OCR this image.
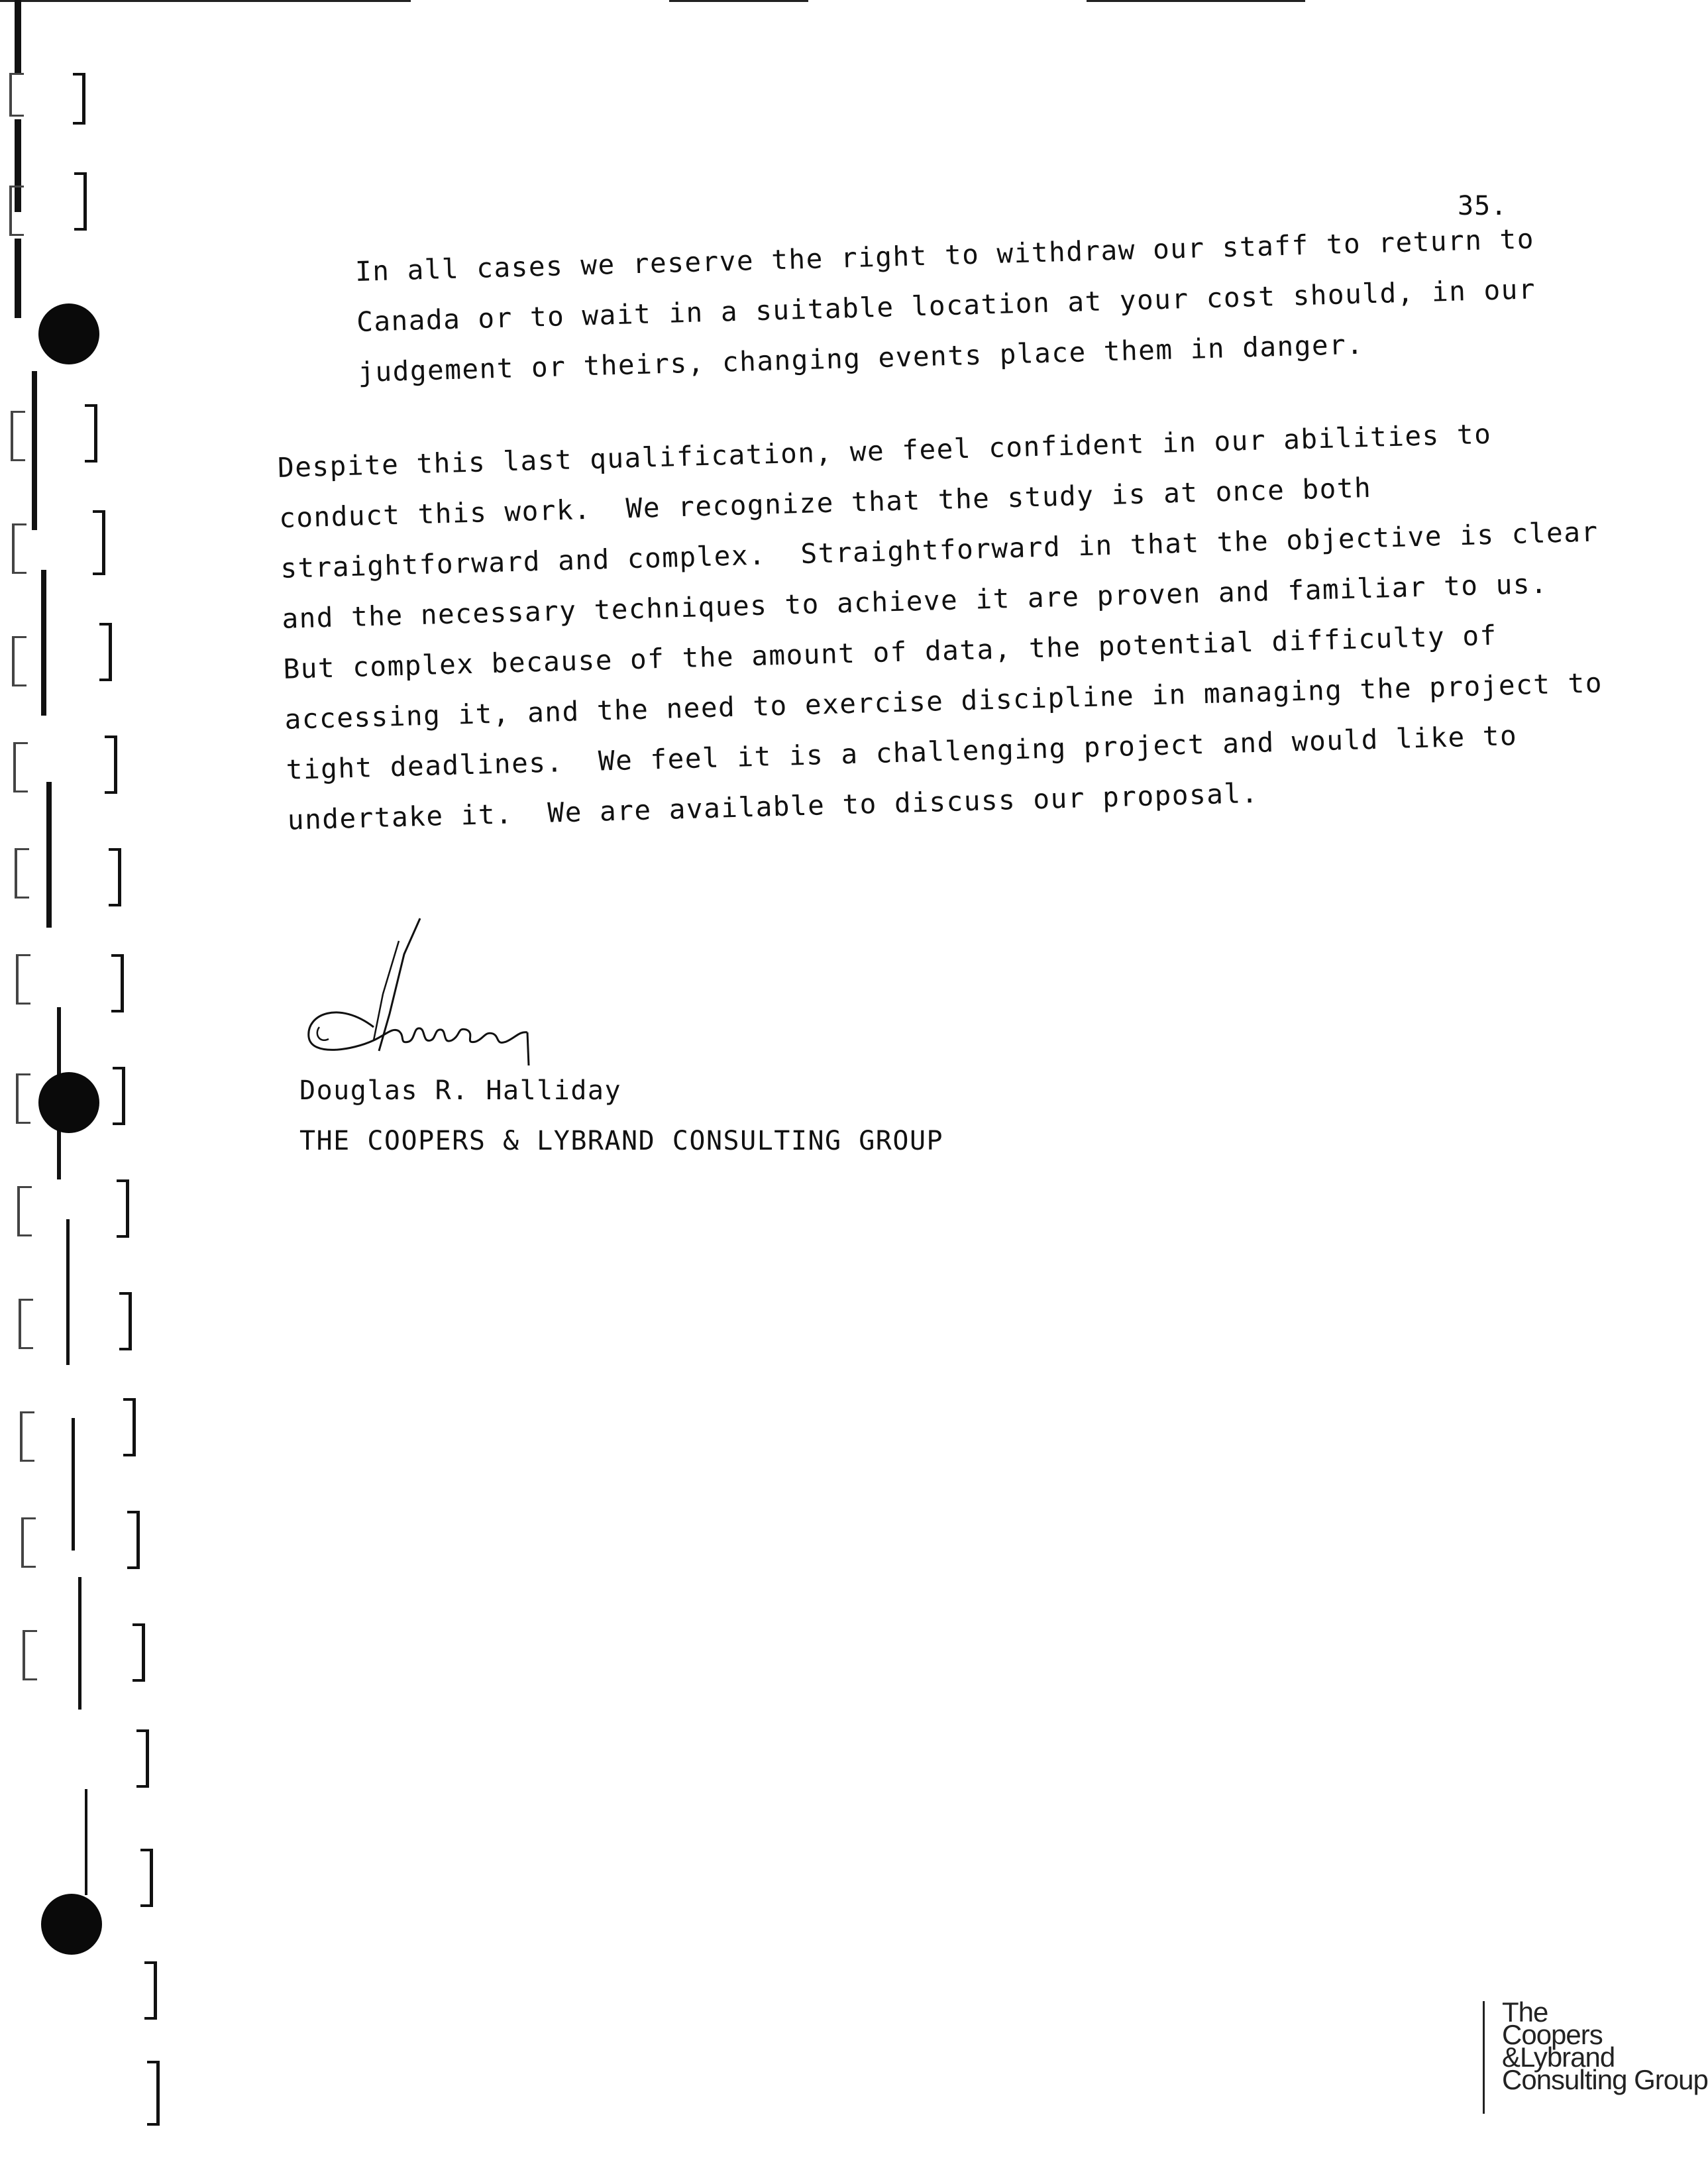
35.

In all cases we reserve the right to withdraw our staff to return to
Canada or to wait in a suitable location at your cost should, in our
judgement or theirs, changing events place them in danger.

Despite this last qualification, we feel confident in our abilities to
conduct this work.  We recognize that the study is at once both
straightforward and complex.  Straightforward in that the objective is clear
and the necessary techniques to achieve it are proven and familiar to us.
But complex because of the amount of data, the potential difficulty of
accessing it, and the need to exercise discipline in managing the project to
tight deadlines.  We feel it is a challenging project and would like to
undertake it.  We are available to discuss our proposal.

Douglas R. Halliday
THE COOPERS & LYBRAND CONSULTING GROUP
The
Coopers
&Lybrand
Consulting Group
